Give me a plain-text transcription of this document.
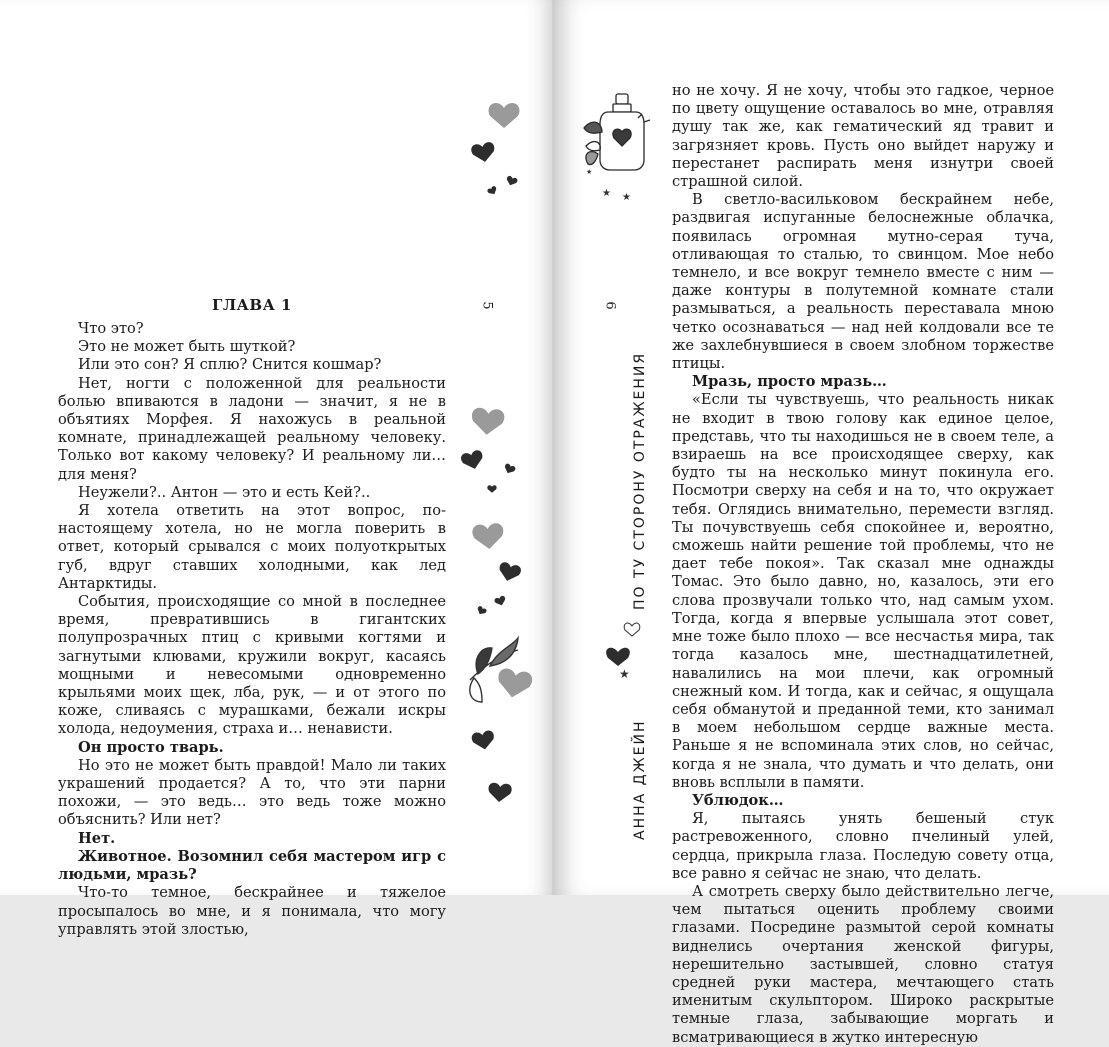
ГЛАВА 1

Что это?

Это не может быть шуткой?

Или это сон? Я сплю? Снится кошмар?

Нет, ногти с положенной для реальности болью впиваются в ладони — значит, я не в объятиях Морфея. Я нахожусь в реальной комнате, принадлежащей реальному человеку. Только вот какому человеку? И реальному ли… для меня?

Неужели?.. Антон — это и есть Кей?..

Я хотела ответить на этот вопрос, по-настоящему хотела, но не могла поверить в ответ, который срывался с моих полуоткрытых губ, вдруг ставших холодными, как лед Антарктиды.

События, происходящие со мной в последнее время, превратившись в гигантских полупрозрачных птиц с кривыми когтями и загнутыми клювами, кружили вокруг, касаясь мощными и невесомыми одновременно крыльями моих щек, лба, рук, — и от этого по коже, сливаясь с мурашками, бежали искры холода, недоумения, страха и… ненависти.

Он просто тварь.

Но это не может быть правдой! Мало ли таких украшений продается? А то, что эти парни похожи, — это ведь… это ведь тоже можно объяснить? Или нет?

Нет.

Животное. Возомнил себя мастером игр с людьми, мразь?

Что-то темное, бескрайнее и тяжелое просыпалось во мне, и я понимала, что могу управлять этой злостью,

5

но не хочу. Я не хочу, чтобы это гадкое, черное по цвету ощущение оставалось во мне, отравляя душу так же, как гематический яд травит и загрязняет кровь. Пусть оно выйдет наружу и перестанет распирать меня изнутри своей страшной силой.

В светло-васильковом бескрайнем небе, раздвигая испуганные белоснежные облачка, появилась огромная мутно-серая туча, отливающая то сталью, то свинцом. Мое небо темнело, и все вокруг темнело вместе с ним — даже контуры в полутемной комнате стали размываться, а реальность переставала мною четко осознаваться — над ней колдовали все те же захлебнувшиеся в своем злобном торжестве птицы.

Мразь, просто мразь…

«Если ты чувствуешь, что реальность никак не входит в твою голову как единое целое, представь, что ты находишься не в своем теле, а взираешь на все происходящее сверху, как будто ты на несколько минут покинула его. Посмотри сверху на себя и на то, что окружает тебя. Оглядись внимательно, перемести взгляд. Ты почувствуешь себя спокойнее и, вероятно, сможешь найти решение той проблемы, что не дает тебе покоя». Так сказал мне однажды Томас. Это было давно, но, казалось, эти его слова прозвучали только что, над самым ухом. Тогда, когда я впервые услышала этот совет, мне тоже было плохо — все несчастья мира, так тогда казалось мне, шестнадцатилетней, навалились на мои плечи, как огромный снежный ком. И тогда, как и сейчас, я ощущала себя обманутой и преданной теми, кто занимал в моем небольшом сердце важные места. Раньше я не вспоминала этих слов, но сейчас, когда я не знала, что думать и что делать, они вновь всплыли в памяти.

Ублюдок…

Я, пытаясь унять бешеный стук растревоженного, словно пчелиный улей, сердца, прикрыла глаза. Последую совету отца, все равно я сейчас не знаю, что делать.

А смотреть сверху было действительно легче, чем пытаться оценить проблему своими глазами. Посредине размытой серой комнаты виднелись очертания женской фигуры, нерешительно застывшей, словно статуя средней руки мастера, мечтающего стать именитым скульптором. Широко раскрытые темные глаза, забывающие моргать и всматривающиеся в жутко интересную

6
ПО ТУ СТОРОНУ ОТРАЖЕНИЯ
АННА ДЖЕЙН
★
★ ★
★
